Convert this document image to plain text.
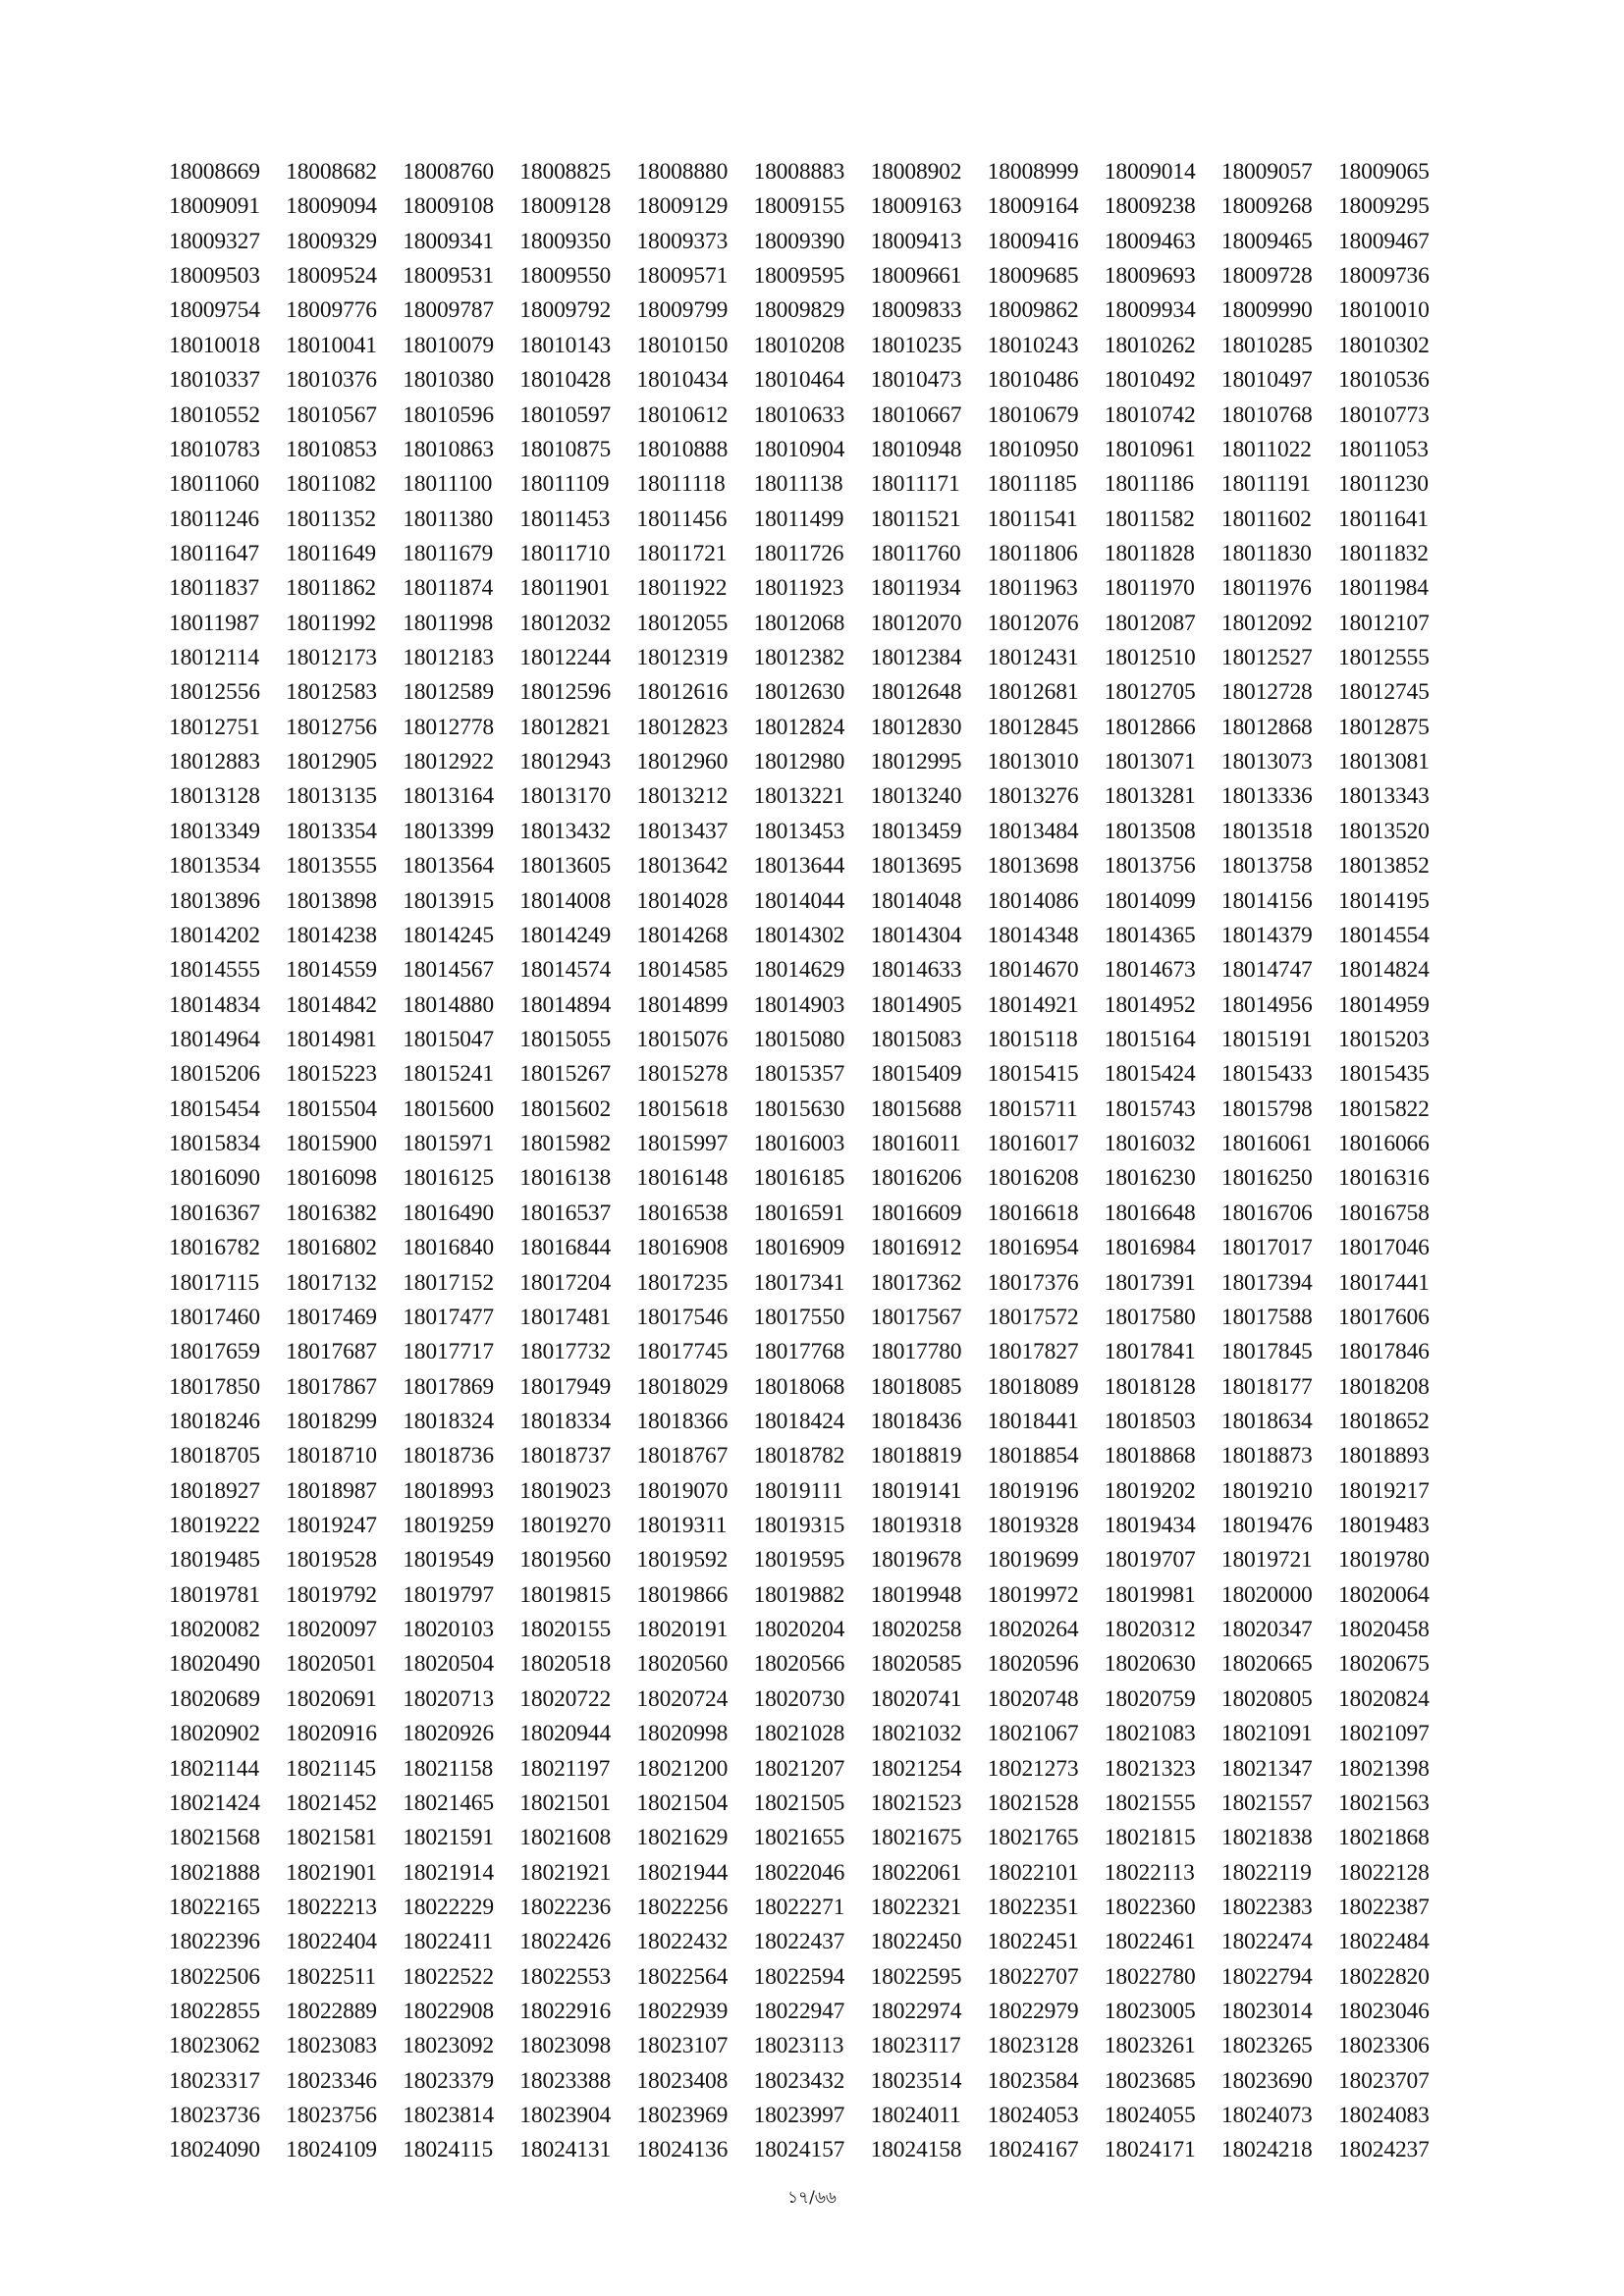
18008669	18008682	18008760	18008825	18008880	18008883	18008902	18008999	18009014	18009057	18009065
18009091	18009094	18009108	18009128	18009129	18009155	18009163	18009164	18009238	18009268	18009295
18009327	18009329	18009341	18009350	18009373	18009390	18009413	18009416	18009463	18009465	18009467
18009503	18009524	18009531	18009550	18009571	18009595	18009661	18009685	18009693	18009728	18009736
18009754	18009776	18009787	18009792	18009799	18009829	18009833	18009862	18009934	18009990	18010010
18010018	18010041	18010079	18010143	18010150	18010208	18010235	18010243	18010262	18010285	18010302
18010337	18010376	18010380	18010428	18010434	18010464	18010473	18010486	18010492	18010497	18010536
18010552	18010567	18010596	18010597	18010612	18010633	18010667	18010679	18010742	18010768	18010773
18010783	18010853	18010863	18010875	18010888	18010904	18010948	18010950	18010961	18011022	18011053
18011060	18011082	18011100	18011109	18011118	18011138	18011171	18011185	18011186	18011191	18011230
18011246	18011352	18011380	18011453	18011456	18011499	18011521	18011541	18011582	18011602	18011641
18011647	18011649	18011679	18011710	18011721	18011726	18011760	18011806	18011828	18011830	18011832
18011837	18011862	18011874	18011901	18011922	18011923	18011934	18011963	18011970	18011976	18011984
18011987	18011992	18011998	18012032	18012055	18012068	18012070	18012076	18012087	18012092	18012107
18012114	18012173	18012183	18012244	18012319	18012382	18012384	18012431	18012510	18012527	18012555
18012556	18012583	18012589	18012596	18012616	18012630	18012648	18012681	18012705	18012728	18012745
18012751	18012756	18012778	18012821	18012823	18012824	18012830	18012845	18012866	18012868	18012875
18012883	18012905	18012922	18012943	18012960	18012980	18012995	18013010	18013071	18013073	18013081
18013128	18013135	18013164	18013170	18013212	18013221	18013240	18013276	18013281	18013336	18013343
18013349	18013354	18013399	18013432	18013437	18013453	18013459	18013484	18013508	18013518	18013520
18013534	18013555	18013564	18013605	18013642	18013644	18013695	18013698	18013756	18013758	18013852
18013896	18013898	18013915	18014008	18014028	18014044	18014048	18014086	18014099	18014156	18014195
18014202	18014238	18014245	18014249	18014268	18014302	18014304	18014348	18014365	18014379	18014554
18014555	18014559	18014567	18014574	18014585	18014629	18014633	18014670	18014673	18014747	18014824
18014834	18014842	18014880	18014894	18014899	18014903	18014905	18014921	18014952	18014956	18014959
18014964	18014981	18015047	18015055	18015076	18015080	18015083	18015118	18015164	18015191	18015203
18015206	18015223	18015241	18015267	18015278	18015357	18015409	18015415	18015424	18015433	18015435
18015454	18015504	18015600	18015602	18015618	18015630	18015688	18015711	18015743	18015798	18015822
18015834	18015900	18015971	18015982	18015997	18016003	18016011	18016017	18016032	18016061	18016066
18016090	18016098	18016125	18016138	18016148	18016185	18016206	18016208	18016230	18016250	18016316
18016367	18016382	18016490	18016537	18016538	18016591	18016609	18016618	18016648	18016706	18016758
18016782	18016802	18016840	18016844	18016908	18016909	18016912	18016954	18016984	18017017	18017046
18017115	18017132	18017152	18017204	18017235	18017341	18017362	18017376	18017391	18017394	18017441
18017460	18017469	18017477	18017481	18017546	18017550	18017567	18017572	18017580	18017588	18017606
18017659	18017687	18017717	18017732	18017745	18017768	18017780	18017827	18017841	18017845	18017846
18017850	18017867	18017869	18017949	18018029	18018068	18018085	18018089	18018128	18018177	18018208
18018246	18018299	18018324	18018334	18018366	18018424	18018436	18018441	18018503	18018634	18018652
18018705	18018710	18018736	18018737	18018767	18018782	18018819	18018854	18018868	18018873	18018893
18018927	18018987	18018993	18019023	18019070	18019111	18019141	18019196	18019202	18019210	18019217
18019222	18019247	18019259	18019270	18019311	18019315	18019318	18019328	18019434	18019476	18019483
18019485	18019528	18019549	18019560	18019592	18019595	18019678	18019699	18019707	18019721	18019780
18019781	18019792	18019797	18019815	18019866	18019882	18019948	18019972	18019981	18020000	18020064
18020082	18020097	18020103	18020155	18020191	18020204	18020258	18020264	18020312	18020347	18020458
18020490	18020501	18020504	18020518	18020560	18020566	18020585	18020596	18020630	18020665	18020675
18020689	18020691	18020713	18020722	18020724	18020730	18020741	18020748	18020759	18020805	18020824
18020902	18020916	18020926	18020944	18020998	18021028	18021032	18021067	18021083	18021091	18021097
18021144	18021145	18021158	18021197	18021200	18021207	18021254	18021273	18021323	18021347	18021398
18021424	18021452	18021465	18021501	18021504	18021505	18021523	18021528	18021555	18021557	18021563
18021568	18021581	18021591	18021608	18021629	18021655	18021675	18021765	18021815	18021838	18021868
18021888	18021901	18021914	18021921	18021944	18022046	18022061	18022101	18022113	18022119	18022128
18022165	18022213	18022229	18022236	18022256	18022271	18022321	18022351	18022360	18022383	18022387
18022396	18022404	18022411	18022426	18022432	18022437	18022450	18022451	18022461	18022474	18022484
18022506	18022511	18022522	18022553	18022564	18022594	18022595	18022707	18022780	18022794	18022820
18022855	18022889	18022908	18022916	18022939	18022947	18022974	18022979	18023005	18023014	18023046
18023062	18023083	18023092	18023098	18023107	18023113	18023117	18023128	18023261	18023265	18023306
18023317	18023346	18023379	18023388	18023408	18023432	18023514	18023584	18023685	18023690	18023707
18023736	18023756	18023814	18023904	18023969	18023997	18024011	18024053	18024055	18024073	18024083
18024090	18024109	18024115	18024131	18024136	18024157	18024158	18024167	18024171	18024218	18024237
১৭/৬৬
